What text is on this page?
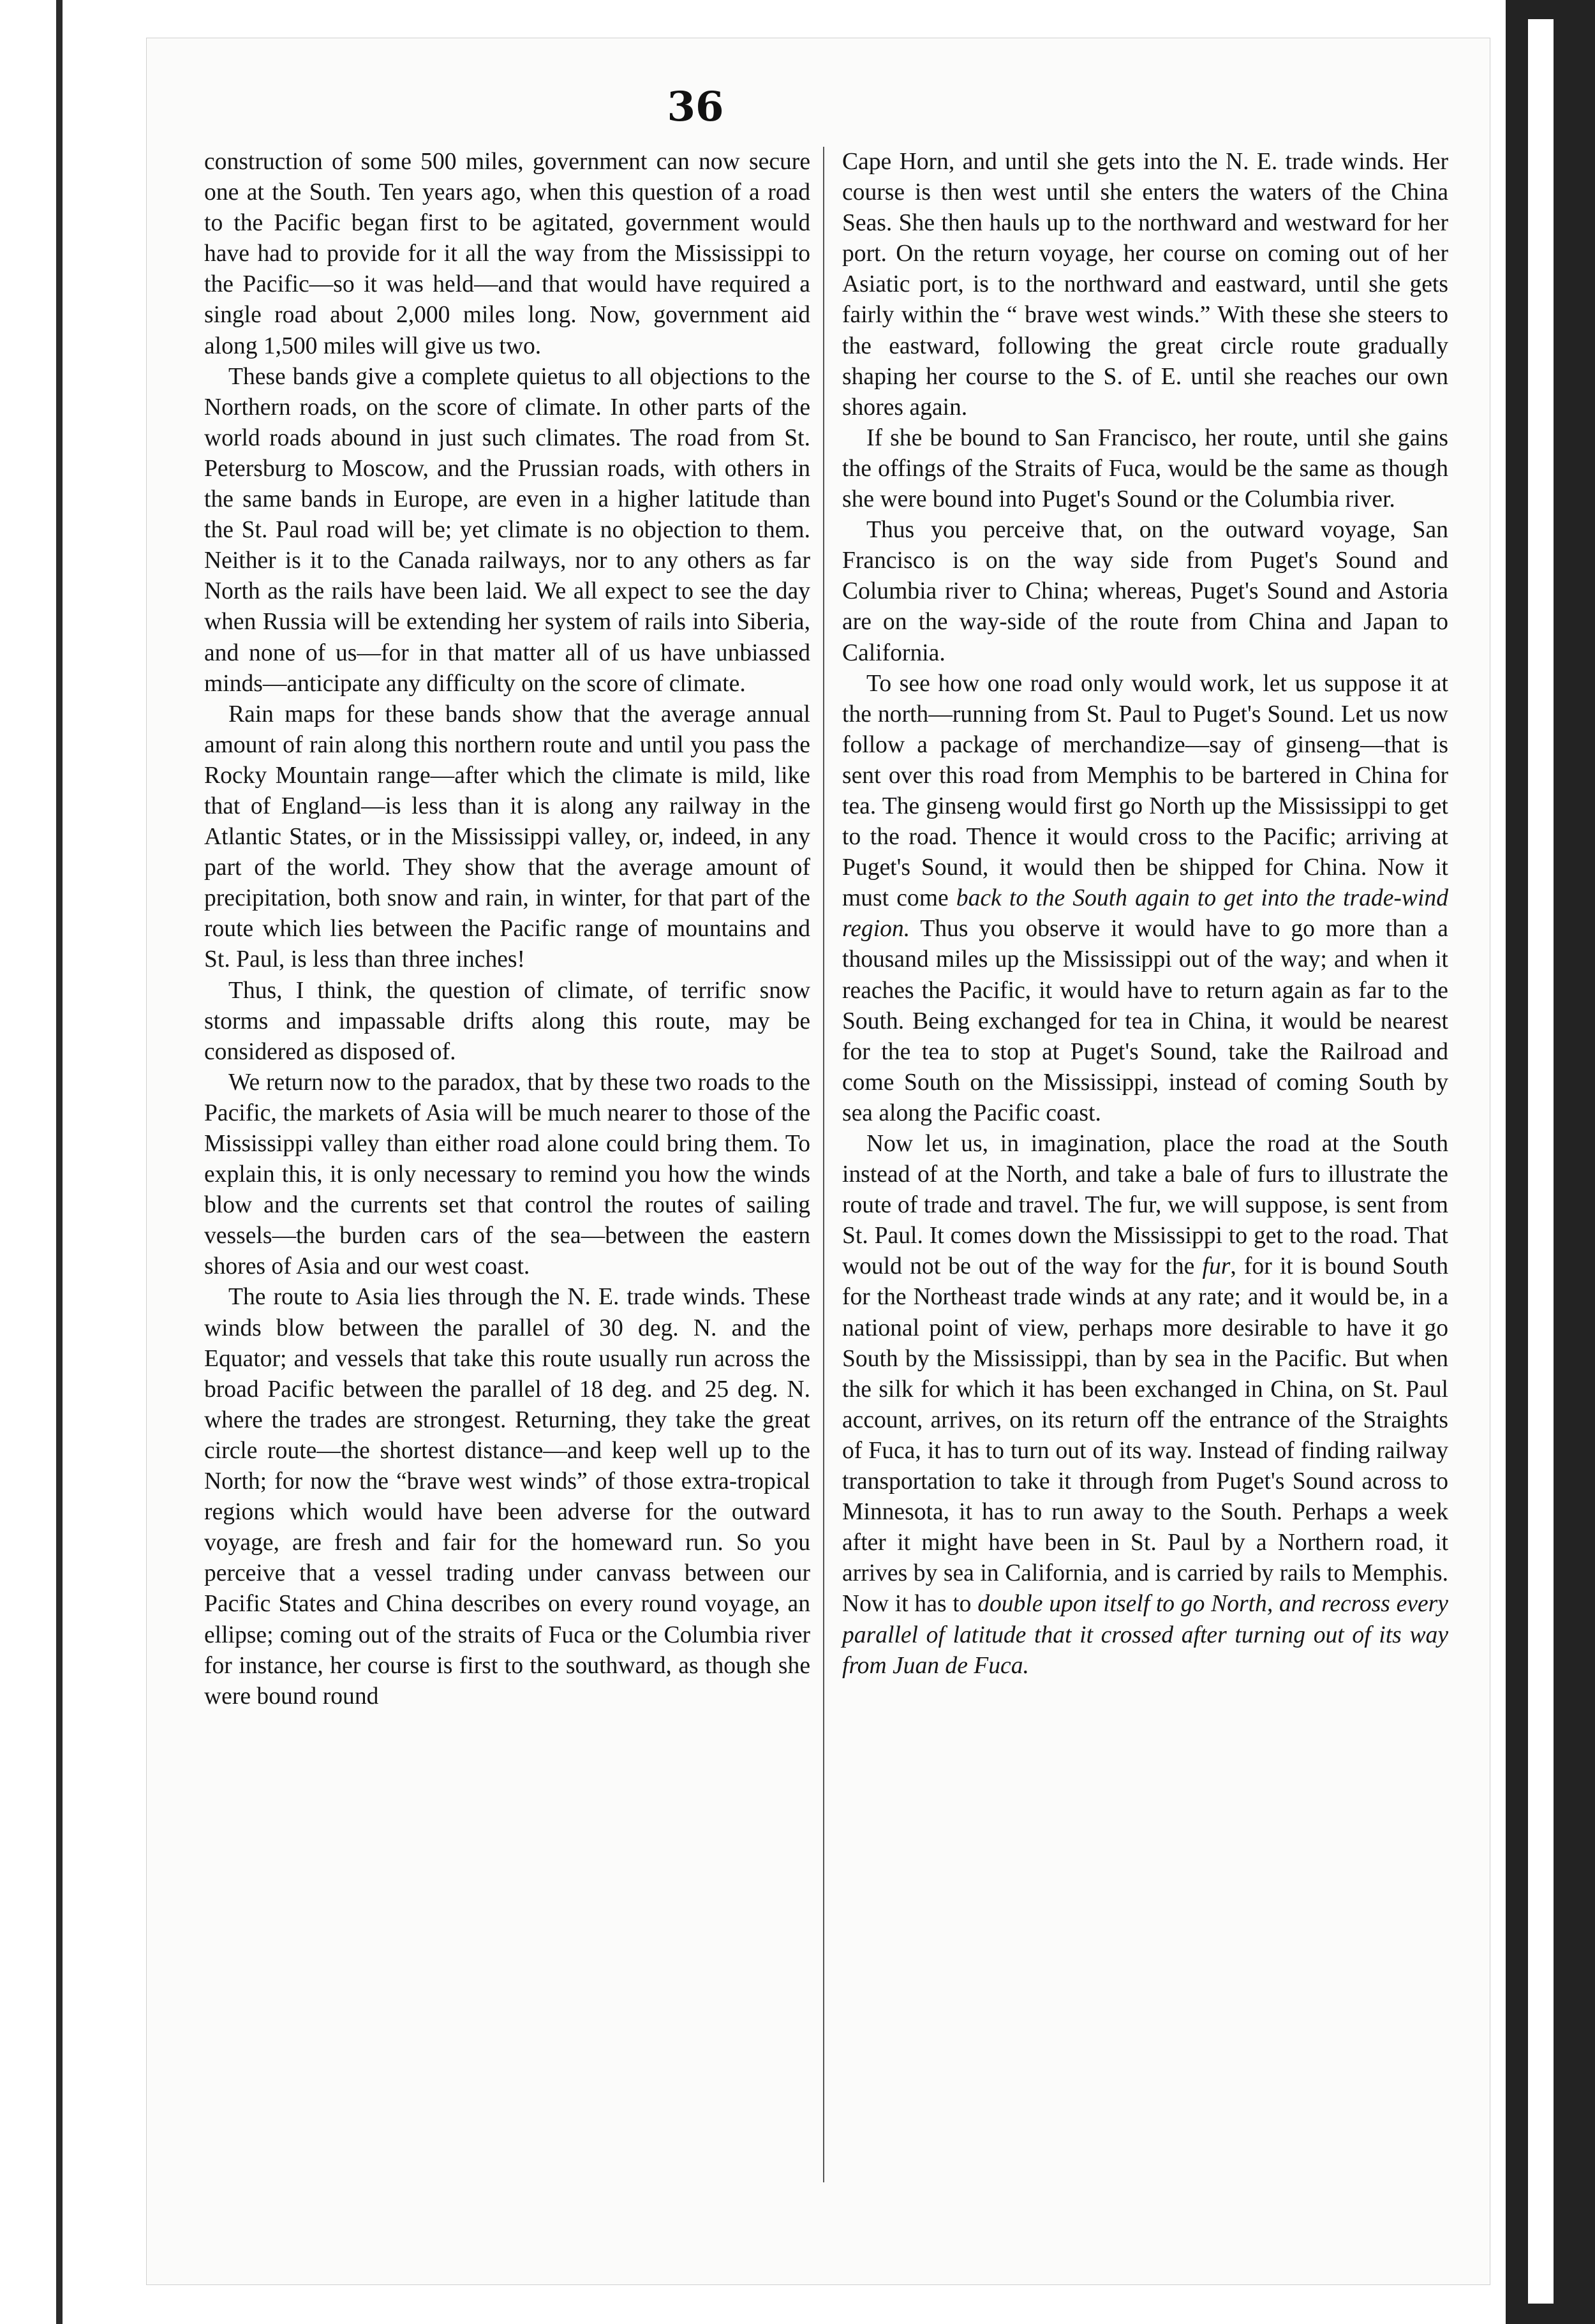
36

construction of some 500 miles, government can now secure one at the South. Ten years ago, when this question of a road to the Pacific began first to be agitated, government would have had to provide for it all the way from the Mississippi to the Pacific—so it was held—and that would have required a single road about 2,000 miles long. Now, government aid along 1,500 miles will give us two.

These bands give a complete quietus to all objections to the Northern roads, on the score of climate. In other parts of the world roads abound in just such climates. The road from St. Petersburg to Moscow, and the Prussian roads, with others in the same bands in Europe, are even in a higher latitude than the St. Paul road will be; yet climate is no objection to them. Neither is it to the Canada railways, nor to any others as far North as the rails have been laid. We all expect to see the day when Russia will be extending her system of rails into Siberia, and none of us—for in that matter all of us have unbiassed minds—anticipate any difficulty on the score of climate.

Rain maps for these bands show that the average annual amount of rain along this northern route and until you pass the Rocky Mountain range—after which the climate is mild, like that of England—is less than it is along any railway in the Atlantic States, or in the Mississippi valley, or, indeed, in any part of the world. They show that the average amount of precipitation, both snow and rain, in winter, for that part of the route which lies between the Pacific range of mountains and St. Paul, is less than three inches!

Thus, I think, the question of climate, of terrific snow storms and impassable drifts along this route, may be considered as disposed of.

We return now to the paradox, that by these two roads to the Pacific, the markets of Asia will be much nearer to those of the Mississippi valley than either road alone could bring them. To explain this, it is only necessary to remind you how the winds blow and the currents set that control the routes of sailing vessels—the burden cars of the sea—between the eastern shores of Asia and our west coast.

The route to Asia lies through the N. E. trade winds. These winds blow between the parallel of 30 deg. N. and the Equator; and vessels that take this route usually run across the broad Pacific between the parallel of 18 deg. and 25 deg. N. where the trades are strongest. Returning, they take the great circle route—the shortest distance—and keep well up to the North; for now the “brave west winds” of those extra-tropical regions which would have been adverse for the outward voyage, are fresh and fair for the homeward run. So you perceive that a vessel trading under canvass between our Pacific States and China describes on every round voyage, an ellipse; coming out of the straits of Fuca or the Columbia river for instance, her course is first to the southward, as though she were bound round

Cape Horn, and until she gets into the N. E. trade winds. Her course is then west until she enters the waters of the China Seas. She then hauls up to the northward and westward for her port. On the return voyage, her course on coming out of her Asiatic port, is to the northward and eastward, until she gets fairly within the “ brave west winds.” With these she steers to the eastward, following the great circle route gradually shaping her course to the S. of E. until she reaches our own shores again.

If she be bound to San Francisco, her route, until she gains the offings of the Straits of Fuca, would be the same as though she were bound into Puget's Sound or the Columbia river.

Thus you perceive that, on the outward voyage, San Francisco is on the way side from Puget's Sound and Columbia river to China; whereas, Puget's Sound and Astoria are on the way-side of the route from China and Japan to California.

To see how one road only would work, let us suppose it at the north—running from St. Paul to Puget's Sound. Let us now follow a package of merchandize—say of ginseng—that is sent over this road from Memphis to be bartered in China for tea. The ginseng would first go North up the Mississippi to get to the road. Thence it would cross to the Pacific; arriving at Puget's Sound, it would then be shipped for China. Now it must come back to the South again to get into the trade-wind region. Thus you observe it would have to go more than a thousand miles up the Mississippi out of the way; and when it reaches the Pacific, it would have to return again as far to the South. Being exchanged for tea in China, it would be nearest for the tea to stop at Puget's Sound, take the Railroad and come South on the Mississippi, instead of coming South by sea along the Pacific coast.

Now let us, in imagination, place the road at the South instead of at the North, and take a bale of furs to illustrate the route of trade and travel. The fur, we will suppose, is sent from St. Paul. It comes down the Mississippi to get to the road. That would not be out of the way for the fur, for it is bound South for the Northeast trade winds at any rate; and it would be, in a national point of view, perhaps more desirable to have it go South by the Mississippi, than by sea in the Pacific. But when the silk for which it has been exchanged in China, on St. Paul account, arrives, on its return off the entrance of the Straights of Fuca, it has to turn out of its way. Instead of finding railway transportation to take it through from Puget's Sound across to Minnesota, it has to run away to the South. Perhaps a week after it might have been in St. Paul by a Northern road, it arrives by sea in California, and is carried by rails to Memphis. Now it has to double upon itself to go North, and recross every parallel of latitude that it crossed after turning out of its way from Juan de Fuca.
